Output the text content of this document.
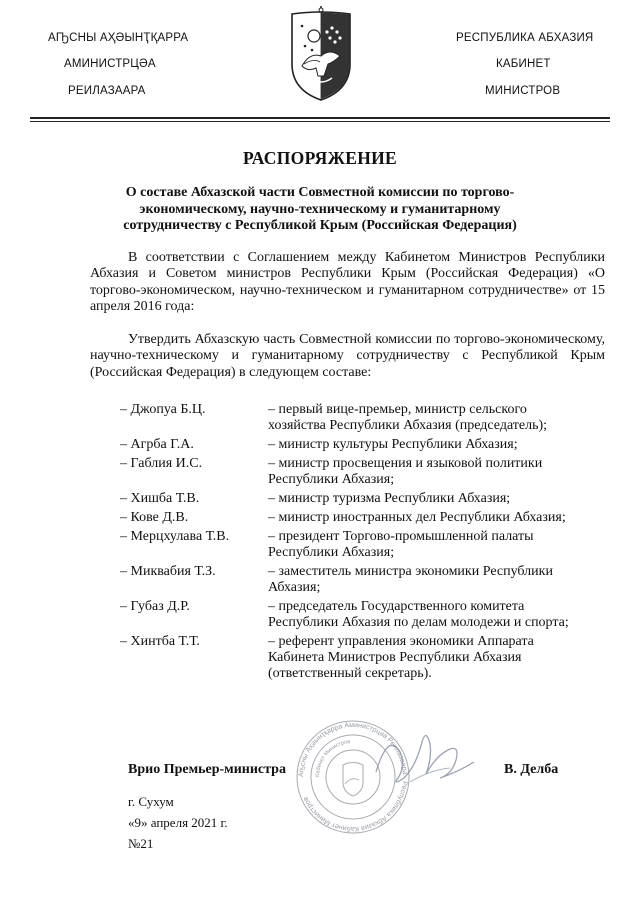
АҦСНЫ АҲӘЫНҬҚАРРА
АМИНИСТРЦӘА
РЕИЛАЗААРА
РЕСПУБЛИКА АБХАЗИЯ
КАБИНЕТ
МИНИСТРОВ
РАСПОРЯЖЕНИЕ
О составе Абхазской части Совместной комиссии по торгово-экономическому, научно-техническому и гуманитарному сотрудничеству с Республикой Крым (Российская Федерация)

В соответствии с Соглашением между Кабинетом Министров Республики Абхазия и Советом министров Республики Крым (Российская Федерация) «О торгово-экономическом, научно-техническом и гуманитарном сотрудничестве» от 15 апреля 2016 года:

Утвердить Абхазскую часть Совместной комиссии по торгово-экономическому, научно-техническому и гуманитарному сотрудничеству с Республикой Крым (Российская Федерация) в следующем составе:

– Джопуа Б.Ц.	– первый вице-премьер, министр сельского хозяйства Республики Абхазия (председатель);
– Агрба Г.А.	– министр культуры Республики Абхазия;
– Габлия И.С.	– министр просвещения и языковой политики Республики Абхазия;
– Хишба Т.В.	– министр туризма Республики Абхазия;
– Кове Д.В.	– министр иностранных дел Республики Абхазия;
– Мерцхулава Т.В.	– президент Торгово-промышленной палаты Республики Абхазия;
– Миквабия Т.З.	– заместитель министра экономики Республики Абхазия;
– Губаз Д.Р.	– председатель Государственного комитета Республики Абхазия по делам молодежи и спорта;
– Хинтба Т.Т.	– референт управления экономики Аппарата Кабинета Министров Республики Абхазия (ответственный секретарь).
Аҧсны Аҳәынҭқарра Аминистрцәа Реилазаара · Республика Абхазия Кабинет Министров
Кабинет Министров
Врио Премьер-министра	В. Делба
г. Сухум
«9» апреля 2021 г.
№21
